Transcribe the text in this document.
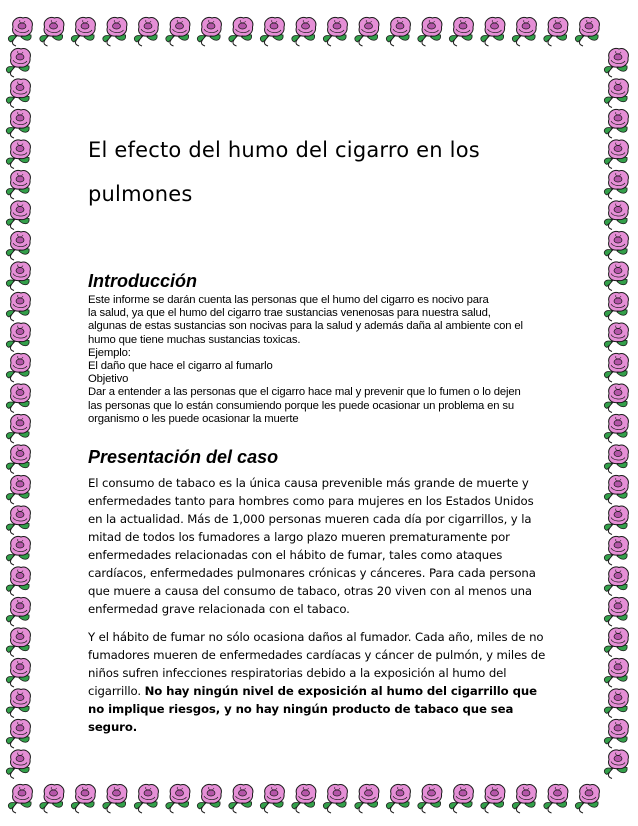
El efecto del humo del cigarro en los
pulmones
Introducción
Este informe se darán cuenta las personas que el humo del cigarro es nocivo para
la salud, ya que el humo del cigarro trae sustancias venenosas para nuestra salud,
algunas de estas sustancias son nocivas para la salud y además daña al ambiente con el
humo que tiene muchas sustancias toxicas.
Ejemplo:
El daño que hace el cigarro al fumarlo
Objetivo
Dar a entender a las personas que el cigarro hace mal y prevenir que lo fumen o lo dejen
las personas que lo están consumiendo porque les puede ocasionar un problema en su
organismo o les puede ocasionar la muerte
Presentación del caso

El consumo de tabaco es la única causa prevenible más grande de muerte y enfermedades tanto para hombres como para mujeres en los Estados Unidos en la actualidad. Más de 1,000 personas mueren cada día por cigarrillos, y la mitad de todos los fumadores a largo plazo mueren prematuramente por enfermedades relacionadas con el hábito de fumar, tales como ataques cardíacos, enfermedades pulmonares crónicas y cánceres. Para cada persona que muere a causa del consumo de tabaco, otras 20 viven con al menos una enfermedad grave relacionada con el tabaco.

Y el hábito de fumar no sólo ocasiona daños al fumador. Cada año, miles de no fumadores mueren de enfermedades cardíacas y cáncer de pulmón, y miles de niños sufren infecciones respiratorias debido a la exposición al humo del cigarrillo. No hay ningún nivel de exposición al humo del cigarrillo que no implique riesgos, y no hay ningún producto de tabaco que sea seguro.
